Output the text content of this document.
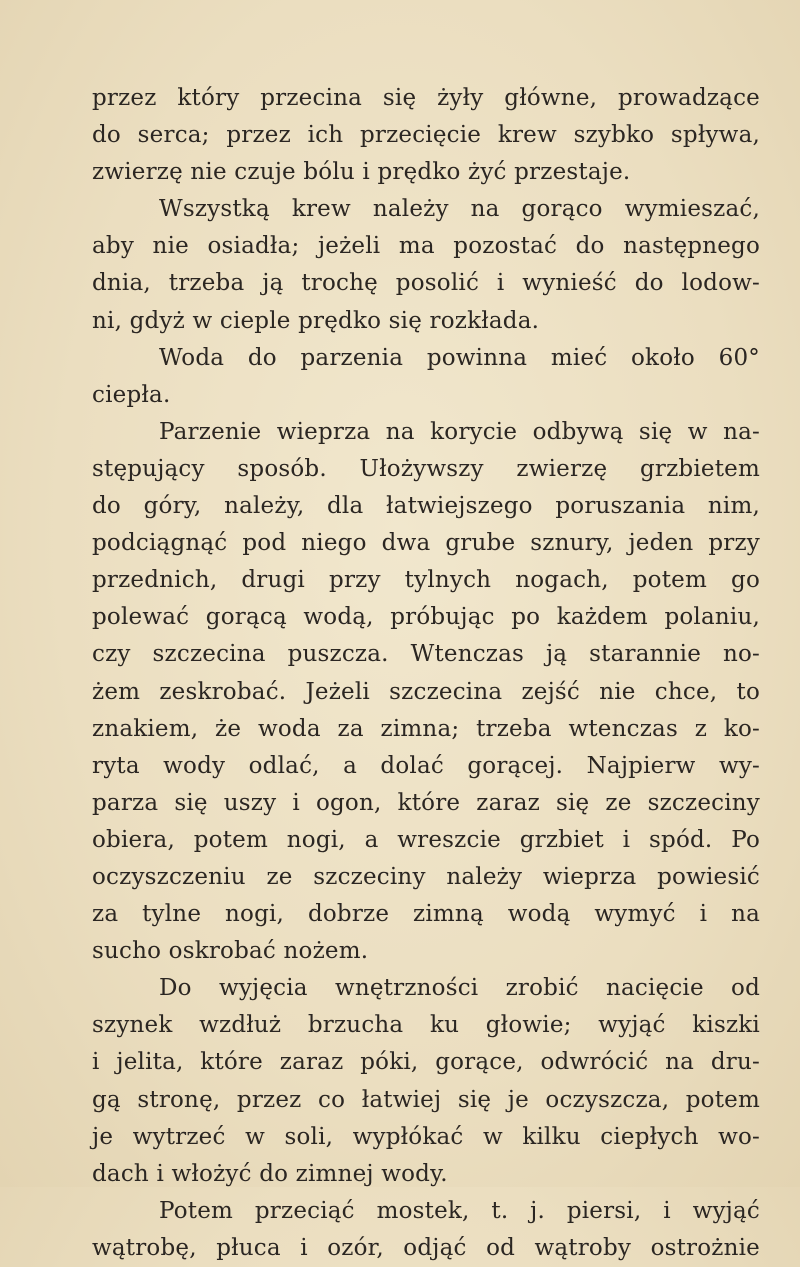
przez który przecina się żyły główne, prowadzące
do serca; przez ich przecięcie krew szybko spływa,
zwierzę nie czuje bólu i prędko żyć przestaje.
Wszystką krew należy na gorąco wymieszać,
aby nie osiadła; jeżeli ma pozostać do następnego
dnia, trzeba ją trochę posolić i wynieść do lodow-
ni, gdyż w cieple prędko się rozkłada.
Woda do parzenia powinna mieć około 60°
ciepła.
Parzenie wieprza na korycie odbywą się w na-
stępujący sposób. Ułożywszy zwierzę grzbietem
do góry, należy, dla łatwiejszego poruszania nim,
podciągnąć pod niego dwa grube sznury, jeden przy
przednich, drugi przy tylnych nogach, potem go
polewać gorącą wodą, próbując po każdem polaniu,
czy szczecina puszcza. Wtenczas ją starannie no-
żem zeskrobać. Jeżeli szczecina zejść nie chce, to
znakiem, że woda za zimna; trzeba wtenczas z ko-
ryta wody odlać, a dolać gorącej. Najpierw wy-
parza się uszy i ogon, które zaraz się ze szczeciny
obiera, potem nogi, a wreszcie grzbiet i spód. Po
oczyszczeniu ze szczeciny należy wieprza powiesić
za tylne nogi, dobrze zimną wodą wymyć i na
sucho oskrobać nożem.
Do wyjęcia wnętrzności zrobić nacięcie od
szynek wzdłuż brzucha ku głowie; wyjąć kiszki
i jelita, które zaraz póki, gorące, odwrócić na dru-
gą stronę, przez co łatwiej się je oczyszcza, potem
je wytrzeć w soli, wypłókać w kilku ciepłych wo-
dach i włożyć do zimnej wody.
Potem przeciąć mostek, t. j. piersi, i wyjąć
wątrobę, płuca i ozór, odjąć od wątroby ostrożnie
